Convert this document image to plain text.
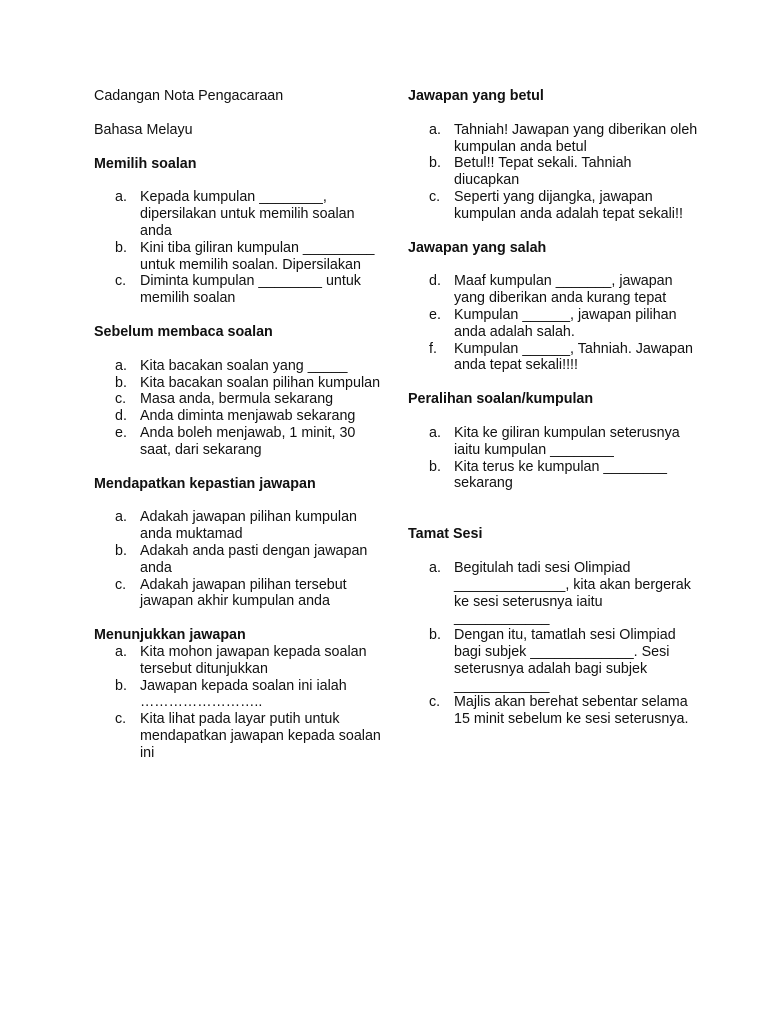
Cadangan Nota Pengacaraan

Bahasa Melayu

Memilih soalan
a. Kepada kumpulan ________, dipersilakan untuk memilih soalan anda
b. Kini tiba giliran kumpulan _________ untuk memilih soalan. Dipersilakan
c. Diminta kumpulan ________ untuk memilih soalan
Sebelum membaca soalan
a. Kita bacakan soalan yang _____
b. Kita bacakan soalan pilihan kumpulan
c. Masa anda, bermula sekarang
d. Anda diminta menjawab sekarang
e. Anda boleh menjawab, 1 minit, 30 saat, dari sekarang
Mendapatkan kepastian jawapan
a. Adakah jawapan pilihan kumpulan anda muktamad
b. Adakah anda pasti dengan jawapan anda
c. Adakah jawapan pilihan tersebut jawapan akhir kumpulan anda
Menunjukkan jawapan
a. Kita mohon jawapan kepada soalan tersebut ditunjukkan
b. Jawapan kepada soalan ini ialah ……………………..
c. Kita lihat pada layar putih untuk mendapatkan jawapan kepada soalan ini
Jawapan yang betul
a. Tahniah! Jawapan yang diberikan oleh kumpulan anda betul
b. Betul!! Tepat sekali. Tahniah diucapkan
c. Seperti yang dijangka, jawapan kumpulan anda adalah tepat sekali!!
Jawapan yang salah
d. Maaf kumpulan _______, jawapan yang diberikan anda kurang tepat
e. Kumpulan ______, jawapan pilihan anda adalah salah.
f. Kumpulan ______, Tahniah. Jawapan anda tepat sekali!!!!
Peralihan soalan/kumpulan
a. Kita ke giliran kumpulan seterusnya iaitu kumpulan ________
b. Kita terus ke kumpulan ________ sekarang
Tamat Sesi
a. Begitulah tadi sesi Olimpiad ______________, kita akan bergerak ke sesi seterusnya iaitu ____________
b. Dengan itu, tamatlah sesi Olimpiad bagi subjek _____________. Sesi seterusnya adalah bagi subjek ____________
c. Majlis akan berehat sebentar selama 15 minit sebelum ke sesi seterusnya.
